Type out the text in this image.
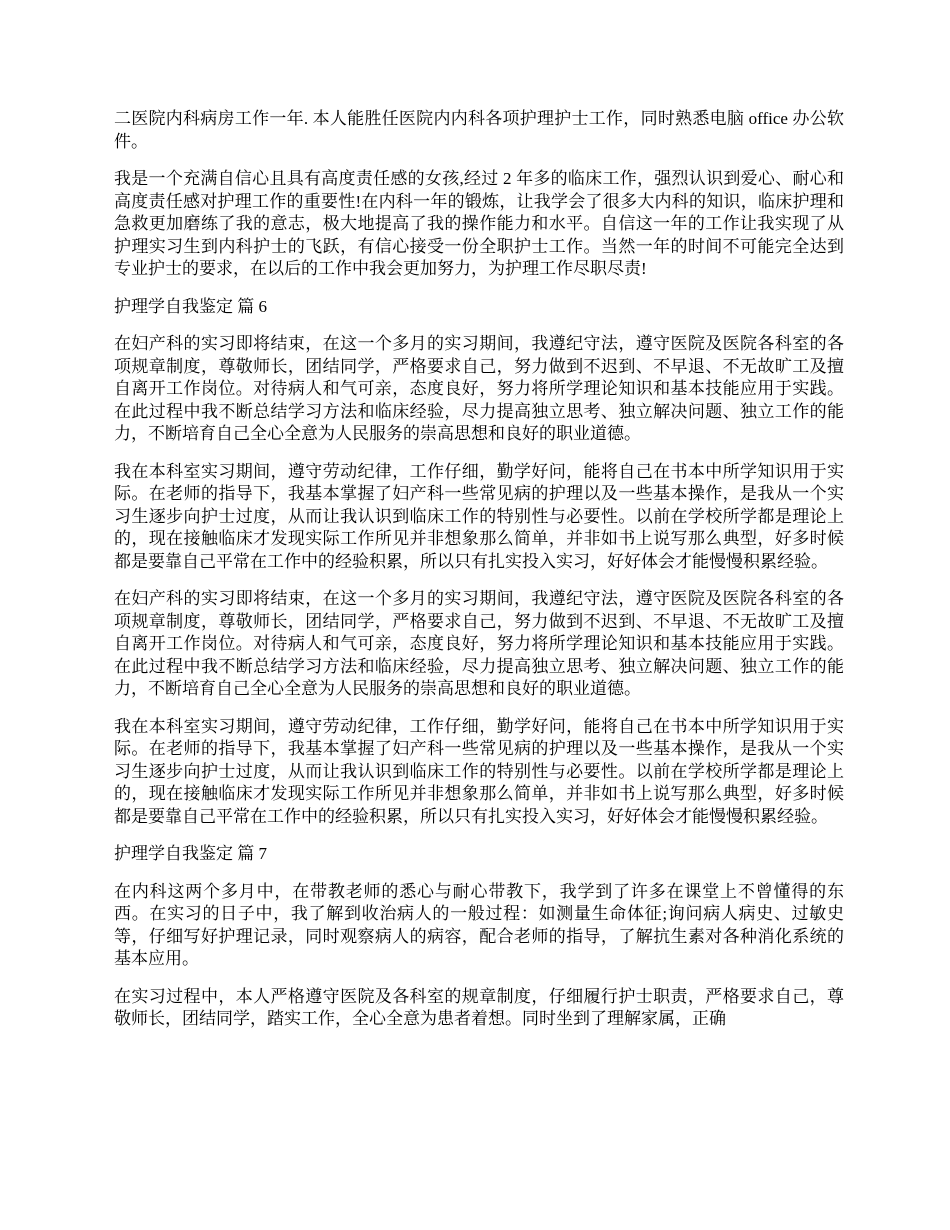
二医院内科病房工作一年. 本人能胜任医院内内科各项护理护士工作，同时熟悉电脑 office 办公软件。

我是一个充满自信心且具有高度责任感的女孩,经过 2 年多的临床工作，强烈认识到爱心、耐心和高度责任感对护理工作的重要性!在内科一年的锻炼，让我学会了很多大内科的知识，临床护理和急救更加磨练了我的意志，极大地提高了我的操作能力和水平。自信这一年的工作让我实现了从护理实习生到内科护士的飞跃，有信心接受一份全职护士工作。当然一年的时间不可能完全达到专业护士的要求，在以后的工作中我会更加努力，为护理工作尽职尽责!

护理学自我鉴定 篇 6

在妇产科的实习即将结束，在这一个多月的实习期间，我遵纪守法，遵守医院及医院各科室的各项规章制度，尊敬师长，团结同学，严格要求自己，努力做到不迟到、不早退、不无故旷工及擅自离开工作岗位。对待病人和气可亲，态度良好，努力将所学理论知识和基本技能应用于实践。在此过程中我不断总结学习方法和临床经验，尽力提高独立思考、独立解决问题、独立工作的能力，不断培育自己全心全意为人民服务的崇高思想和良好的职业道德。

我在本科室实习期间，遵守劳动纪律，工作仔细，勤学好问，能将自己在书本中所学知识用于实际。在老师的指导下，我基本掌握了妇产科一些常见病的护理以及一些基本操作，是我从一个实习生逐步向护士过度，从而让我认识到临床工作的特别性与必要性。以前在学校所学都是理论上的，现在接触临床才发现实际工作所见并非想象那么简单，并非如书上说写那么典型，好多时候都是要靠自己平常在工作中的经验积累，所以只有扎实投入实习，好好体会才能慢慢积累经验。

在妇产科的实习即将结束，在这一个多月的实习期间，我遵纪守法，遵守医院及医院各科室的各项规章制度，尊敬师长，团结同学，严格要求自己，努力做到不迟到、不早退、不无故旷工及擅自离开工作岗位。对待病人和气可亲，态度良好，努力将所学理论知识和基本技能应用于实践。在此过程中我不断总结学习方法和临床经验，尽力提高独立思考、独立解决问题、独立工作的能力，不断培育自己全心全意为人民服务的崇高思想和良好的职业道德。

我在本科室实习期间，遵守劳动纪律，工作仔细，勤学好问，能将自己在书本中所学知识用于实际。在老师的指导下，我基本掌握了妇产科一些常见病的护理以及一些基本操作，是我从一个实习生逐步向护士过度，从而让我认识到临床工作的特别性与必要性。以前在学校所学都是理论上的，现在接触临床才发现实际工作所见并非想象那么简单，并非如书上说写那么典型，好多时候都是要靠自己平常在工作中的经验积累，所以只有扎实投入实习，好好体会才能慢慢积累经验。

护理学自我鉴定 篇 7

在内科这两个多月中，在带教老师的悉心与耐心带教下，我学到了许多在课堂上不曾懂得的东西。在实习的日子中，我了解到收治病人的一般过程：如测量生命体征;询问病人病史、过敏史等，仔细写好护理记录，同时观察病人的病容，配合老师的指导，了解抗生素对各种消化系统的基本应用。

在实习过程中，本人严格遵守医院及各科室的规章制度，仔细履行护士职责，严格要求自己，尊敬师长，团结同学，踏实工作，全心全意为患者着想。同时坐到了理解家属，正确
